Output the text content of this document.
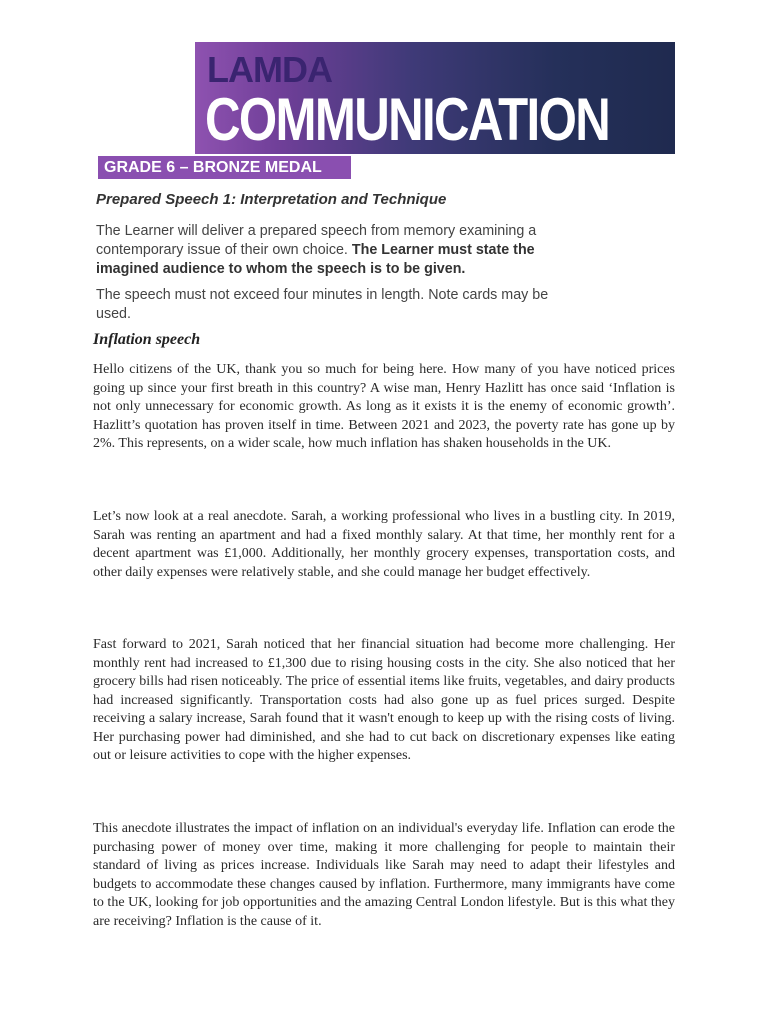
LAMDA
COMMUNICATION
GRADE 6 – BRONZE MEDAL
Prepared Speech 1: Interpretation and Technique
The Learner will deliver a prepared speech from memory examining a contemporary issue of their own choice. The Learner must state the imagined audience to whom the speech is to be given.
The speech must not exceed four minutes in length. Note cards may be used.
Inflation speech
Hello citizens of the UK, thank you so much for being here. How many of you have noticed prices going up since your first breath in this country? A wise man, Henry Hazlitt has once said ‘Inflation is not only unnecessary for economic growth. As long as it exists it is the enemy of economic growth’. Hazlitt’s quotation has proven itself in time. Between 2021 and 2023, the poverty rate has gone up by 2%. This represents, on a wider scale, how much inflation has shaken households in the UK.
Let’s now look at a real anecdote. Sarah, a working professional who lives in a bustling city. In 2019, Sarah was renting an apartment and had a fixed monthly salary. At that time, her monthly rent for a decent apartment was £1,000. Additionally, her monthly grocery expenses, transportation costs, and other daily expenses were relatively stable, and she could manage her budget effectively.
Fast forward to 2021, Sarah noticed that her financial situation had become more challenging. Her monthly rent had increased to £1,300 due to rising housing costs in the city. She also noticed that her grocery bills had risen noticeably. The price of essential items like fruits, vegetables, and dairy products had increased significantly. Transportation costs had also gone up as fuel prices surged. Despite receiving a salary increase, Sarah found that it wasn't enough to keep up with the rising costs of living. Her purchasing power had diminished, and she had to cut back on discretionary expenses like eating out or leisure activities to cope with the higher expenses.
This anecdote illustrates the impact of inflation on an individual's everyday life. Inflation can erode the purchasing power of money over time, making it more challenging for people to maintain their standard of living as prices increase. Individuals like Sarah may need to adapt their lifestyles and budgets to accommodate these changes caused by inflation. Furthermore, many immigrants have come to the UK, looking for job opportunities and the amazing Central London lifestyle. But is this what they are receiving? Inflation is the cause of it.
